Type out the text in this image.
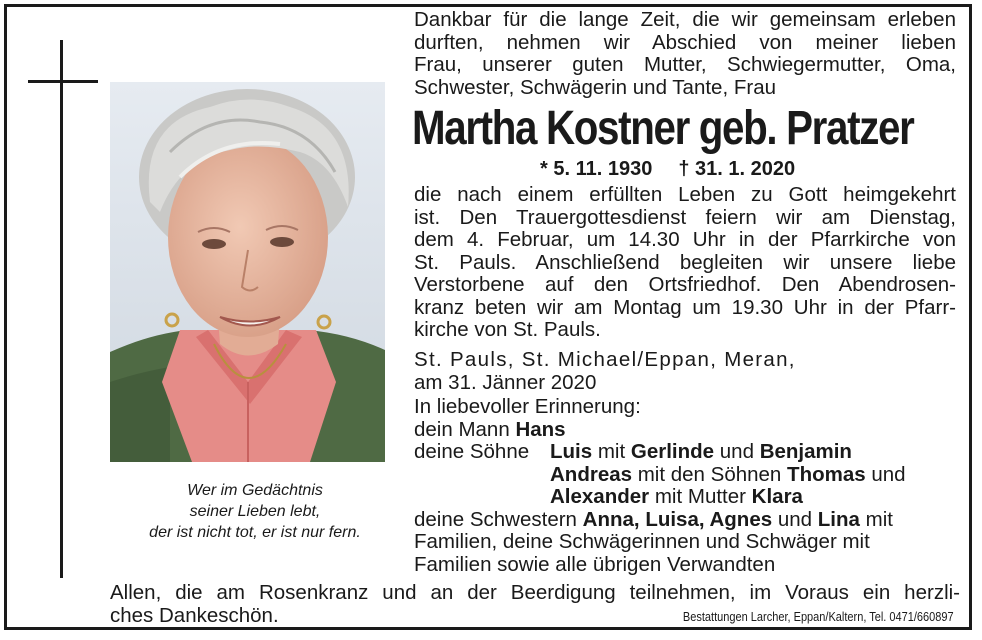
Wer im Gedächtnis
seiner Lieben lebt,
der ist nicht tot, er ist nur fern.
Dankbar für die lange Zeit, die wir gemeinsam erleben
durften, nehmen wir Abschied von meiner lieben
Frau, unserer guten Mutter, Schwiegermutter, Oma,
Schwester, Schwägerin und Tante, Frau
Martha Kostner geb. Pratzer
* 5. 11. 1930 † 31. 1. 2020
die nach einem erfüllten Leben zu Gott heimgekehrt
ist. Den Trauergottesdienst feiern wir am Dienstag,
dem 4. Februar, um 14.30 Uhr in der Pfarrkirche von
St. Pauls. Anschließend begleiten wir unsere liebe
Verstorbene auf den Ortsfriedhof. Den Abendrosen-
kranz beten wir am Montag um 19.30 Uhr in der Pfarr-
kirche von St. Pauls.
St. Pauls, St. Michael/Eppan, Meran,
am 31. Jänner 2020
In liebevoller Erinnerung:
dein Mann Hans
deine Söhne Luis mit Gerlinde und Benjamin
Andreas mit den Söhnen Thomas und
Alexander mit Mutter Klara
deine Schwestern Anna, Luisa, Agnes und Lina mit
Familien, deine Schwägerinnen und Schwäger mit
Familien sowie alle übrigen Verwandten
Allen, die am Rosenkranz und an der Beerdigung teilnehmen, im Voraus ein herzli-
ches Dankeschön.	Bestattungen Larcher, Eppan/Kaltern, Tel. 0471/660897
